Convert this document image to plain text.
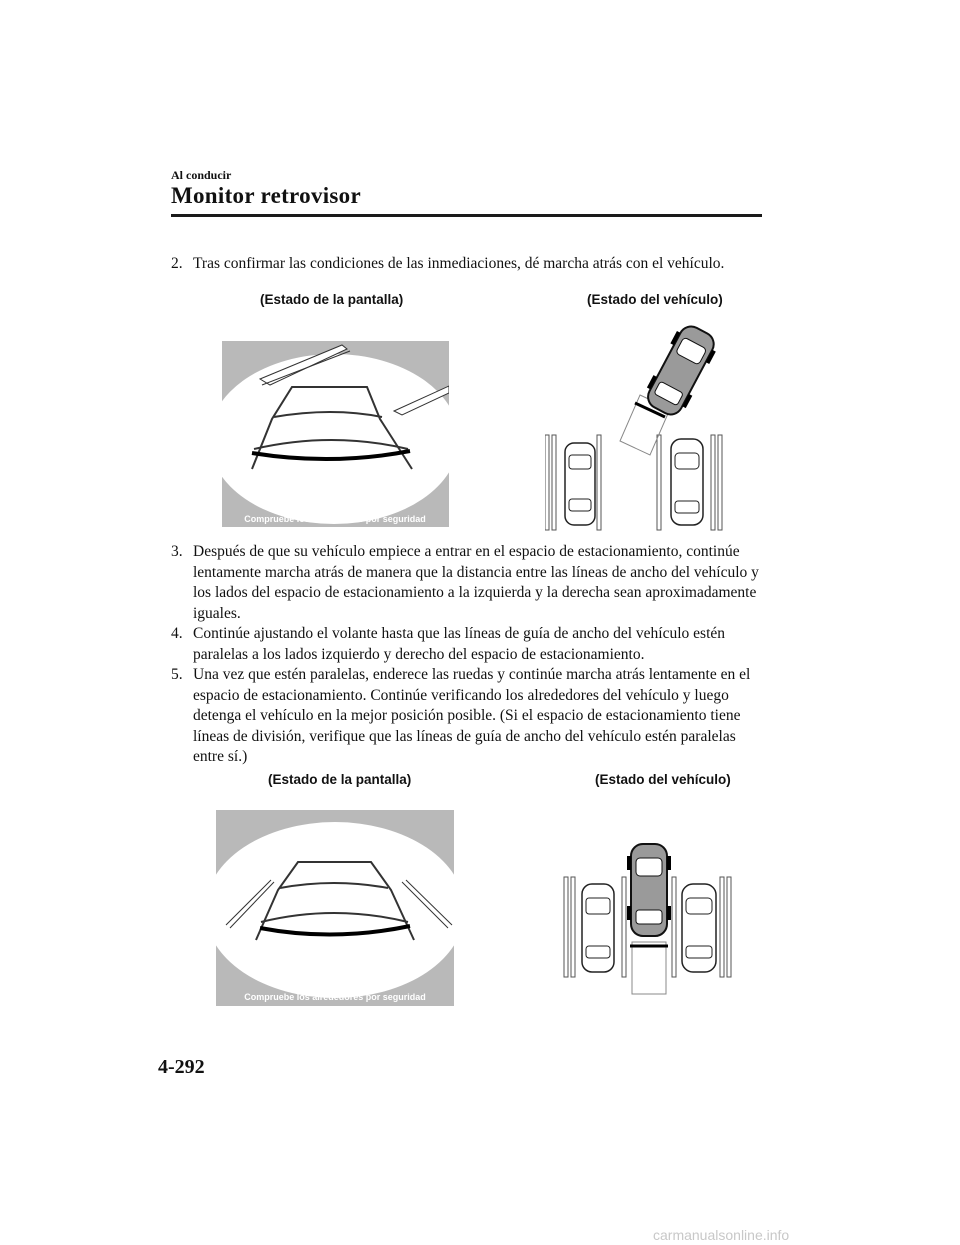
Al conducir
Monitor retrovisor
2. Tras confirmar las condiciones de las inmediaciones, dé marcha atrás con el vehículo.
(Estado de la pantalla)	(Estado del vehículo)
Compruebe los alrededores por seguridad
3. Después de que su vehículo empiece a entrar en el espacio de estacionamiento, continúe lentamente marcha atrás de manera que la distancia entre las líneas de ancho del vehículo y los lados del espacio de estacionamiento a la izquierda y la derecha sean aproximadamente iguales.
4. Continúe ajustando el volante hasta que las líneas de guía de ancho del vehículo estén paralelas a los lados izquierdo y derecho del espacio de estacionamiento.
5. Una vez que estén paralelas, enderece las ruedas y continúe marcha atrás lentamente en el espacio de estacionamiento. Continúe verificando los alrededores del vehículo y luego detenga el vehículo en la mejor posición posible. (Si el espacio de estacionamiento tiene líneas de división, verifique que las líneas de guía de ancho del vehículo estén paralelas entre sí.)
(Estado de la pantalla)	(Estado del vehículo)
Compruebe los alrededores por seguridad
4-292
carmanualsonline.info
